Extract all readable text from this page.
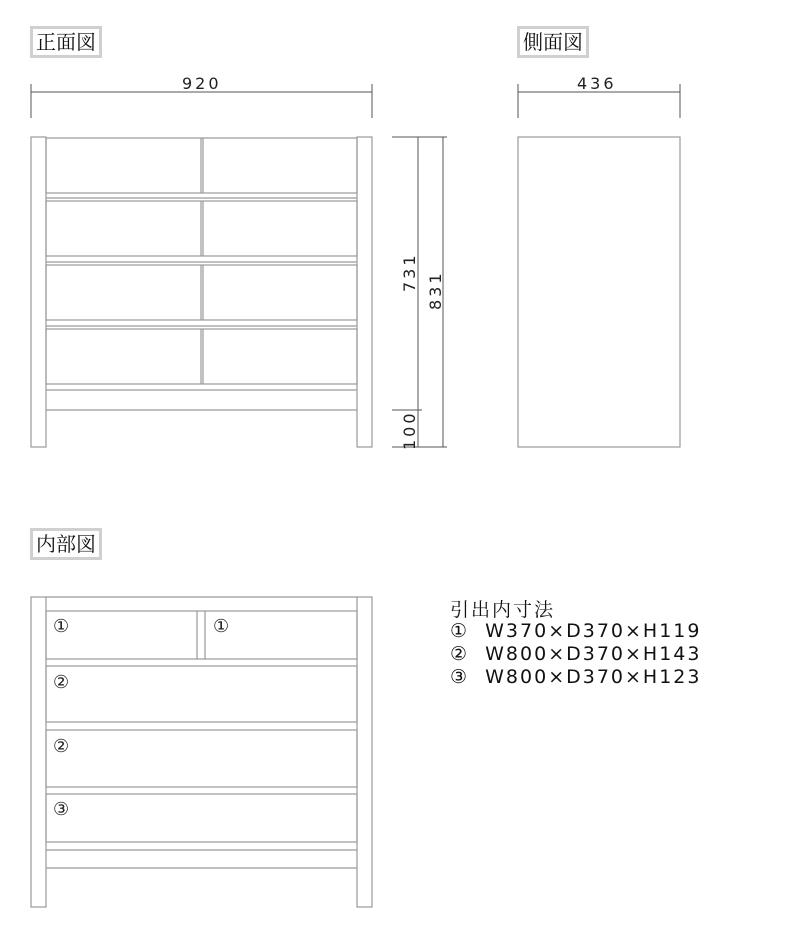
正面図	側面図
内部図
920	436
731 831
100
①	①
②
②
③
引出内寸法
① W370×D370×H119
② W800×D370×H143
③ W800×D370×H123
